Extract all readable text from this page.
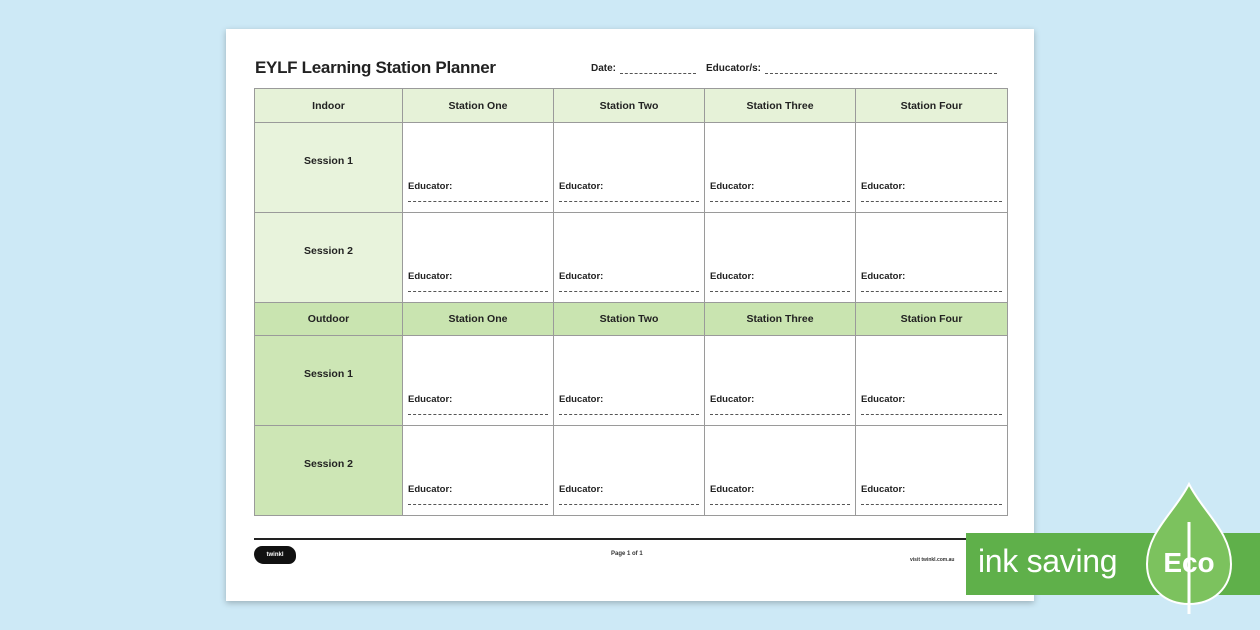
EYLF Learning Station Planner	Date:	Educator/s:
Indoor	Station One	Station Two	Station Three	Station Four
Session 1	Educator:	Educator:	Educator:	Educator:

Session 2	Educator:	Educator:	Educator:	Educator:

Outdoor	Station One	Station Two	Station Three	Station Four
Session 1	Educator:	Educator:	Educator:	Educator:

Session 2	Educator:	Educator:	Educator:	Educator:
twinkl	Page 1 of 1
visit twinkl.com.au ink saving Eco
